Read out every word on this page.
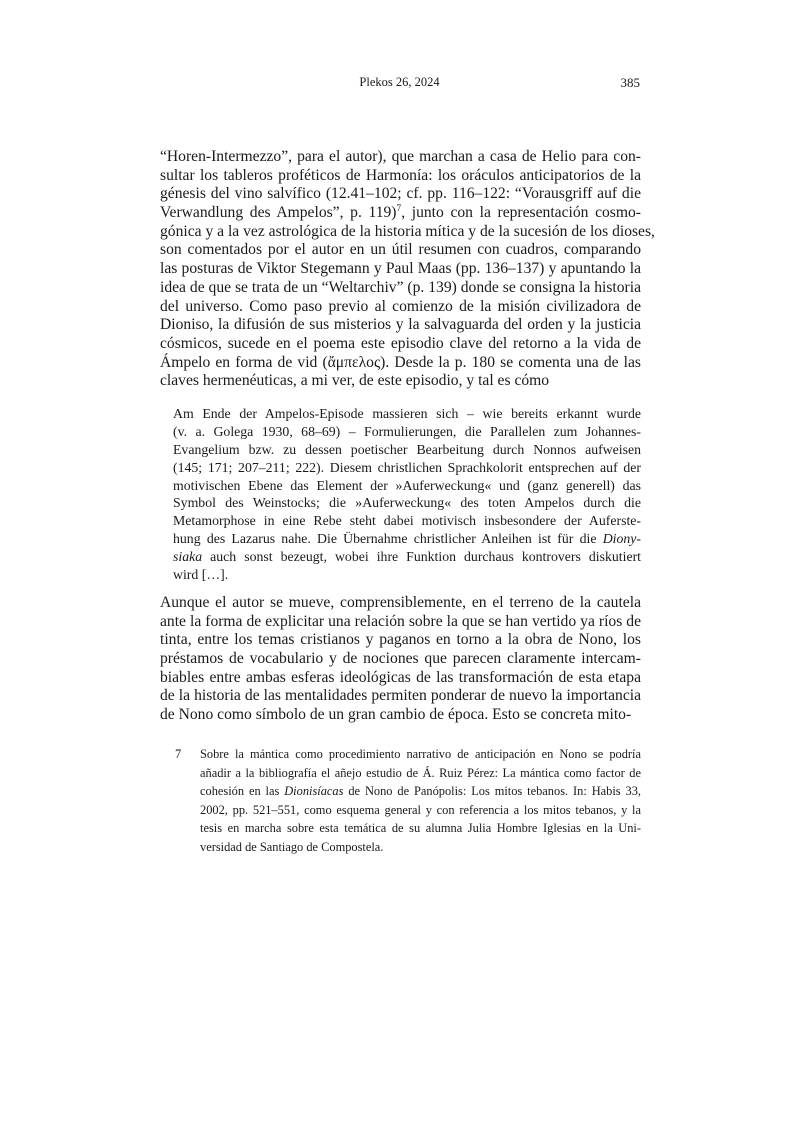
Plekos 26, 2024	385
“Horen-Intermezzo”, para el autor), que marchan a casa de Helio para con-
sultar los tableros proféticos de Harmonía: los oráculos anticipatorios de la
génesis del vino salvífico (12.41–102; cf. pp. 116–122: “Vorausgriff auf die
Verwandlung des Ampelos”, p. 119)$^7$, junto con la representación cosmo-
gónica y a la vez astrológica de la historia mítica y de la sucesión de los dioses,
son comentados por el autor en un útil resumen con cuadros, comparando
las posturas de Viktor Stegemann y Paul Maas (pp. 136–137) y apuntando la
idea de que se trata de un “Weltarchiv” (p. 139) donde se consigna la historia
del universo. Como paso previo al comienzo de la misión civilizadora de
Dioniso, la difusión de sus misterios y la salvaguarda del orden y la justicia
cósmicos, sucede en el poema este episodio clave del retorno a la vida de
Ámpelo en forma de vid (ἄμπελος). Desde la p. 180 se comenta una de las
claves hermenéuticas, a mi ver, de este episodio, y tal es cómo
Am Ende der Ampelos-Episode massieren sich – wie bereits erkannt wurde
(v. a. Golega 1930, 68–69) – Formulierungen, die Parallelen zum Johannes-
Evangelium bzw. zu dessen poetischer Bearbeitung durch Nonnos aufweisen
(145; 171; 207–211; 222). Diesem christlichen Sprachkolorit entsprechen auf der
motivischen Ebene das Element der »Auferweckung« und (ganz generell) das
Symbol des Weinstocks; die »Auferweckung« des toten Ampelos durch die
Metamorphose in eine Rebe steht dabei motivisch insbesondere der Auferste-
hung des Lazarus nahe. Die Übernahme christlicher Anleihen ist für die Diony-
siaka auch sonst bezeugt, wobei ihre Funktion durchaus kontrovers diskutiert
wird […].
Aunque el autor se mueve, comprensiblemente, en el terreno de la cautela
ante la forma de explicitar una relación sobre la que se han vertido ya ríos de
tinta, entre los temas cristianos y paganos en torno a la obra de Nono, los
préstamos de vocabulario y de nociones que parecen claramente intercam-
biables entre ambas esferas ideológicas de las transformación de esta etapa
de la historia de las mentalidades permiten ponderar de nuevo la importancia
de Nono como símbolo de un gran cambio de época. Esto se concreta mito-
7 Sobre la mántica como procedimiento narrativo de anticipación en Nono se podría
añadir a la bibliografía el añejo estudio de Á. Ruiz Pérez: La mántica como factor de
cohesión en las Dionisíacas de Nono de Panópolis: Los mitos tebanos. In: Habis 33,
2002, pp. 521–551, como esquema general y con referencia a los mitos tebanos, y la
tesis en marcha sobre esta temática de su alumna Julia Hombre Iglesias en la Uni-
versidad de Santiago de Compostela.
